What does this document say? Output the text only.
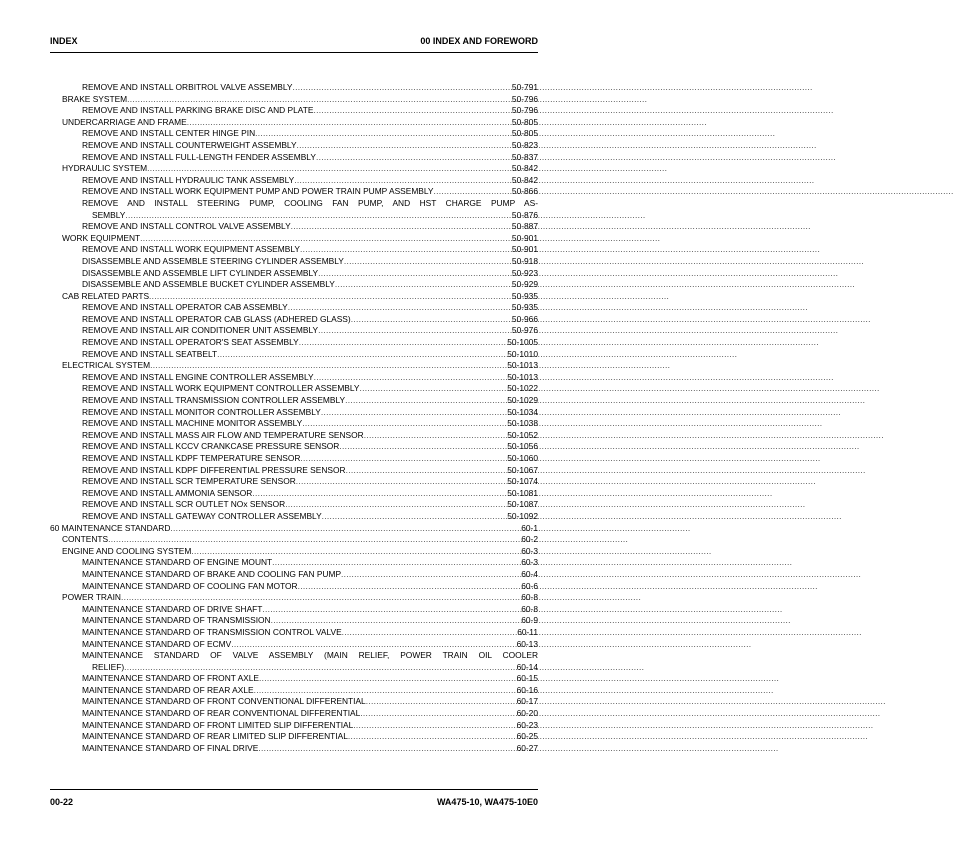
INDEX	00 INDEX AND FOREWORD
REMOVE AND INSTALL ORBITROL VALVE ASSEMBLY .....	50-791
BRAKE SYSTEM .....	50-796
REMOVE AND INSTALL PARKING BRAKE DISC AND PLATE .....	50-796
UNDERCARRIAGE AND FRAME .....	50-805
REMOVE AND INSTALL CENTER HINGE PIN .....	50-805
REMOVE AND INSTALL COUNTERWEIGHT ASSEMBLY .....	50-823
REMOVE AND INSTALL FULL-LENGTH FENDER ASSEMBLY .....	50-837
HYDRAULIC SYSTEM .....	50-842
REMOVE AND INSTALL HYDRAULIC TANK ASSEMBLY .....	50-842
REMOVE AND INSTALL WORK EQUIPMENT PUMP AND POWER TRAIN PUMP ASSEMBLY .....	50-866
REMOVE AND INSTALL STEERING PUMP, COOLING FAN PUMP, AND HST CHARGE PUMP AS-
SEMBLY .....	50-876
REMOVE AND INSTALL CONTROL VALVE ASSEMBLY .....	50-887
WORK EQUIPMENT .....	50-901
REMOVE AND INSTALL WORK EQUIPMENT ASSEMBLY .....	50-901
DISASSEMBLE AND ASSEMBLE STEERING CYLINDER ASSEMBLY .....	50-918
DISASSEMBLE AND ASSEMBLE LIFT CYLINDER ASSEMBLY .....	50-923
DISASSEMBLE AND ASSEMBLE BUCKET CYLINDER ASSEMBLY .....	50-929
CAB RELATED PARTS .....	50-935
REMOVE AND INSTALL OPERATOR CAB ASSEMBLY .....	50-935
REMOVE AND INSTALL OPERATOR CAB GLASS (ADHERED GLASS) .....	50-966
REMOVE AND INSTALL AIR CONDITIONER UNIT ASSEMBLY .....	50-976
REMOVE AND INSTALL OPERATOR'S SEAT ASSEMBLY .....	50-1005
REMOVE AND INSTALL SEATBELT .....	50-1010
ELECTRICAL SYSTEM .....	50-1013
REMOVE AND INSTALL ENGINE CONTROLLER ASSEMBLY .....	50-1013
REMOVE AND INSTALL WORK EQUIPMENT CONTROLLER ASSEMBLY .....	50-1022
REMOVE AND INSTALL TRANSMISSION CONTROLLER ASSEMBLY .....	50-1029
REMOVE AND INSTALL MONITOR CONTROLLER ASSEMBLY .....	50-1034
REMOVE AND INSTALL MACHINE MONITOR ASSEMBLY .....	50-1038
REMOVE AND INSTALL MASS AIR FLOW AND TEMPERATURE SENSOR .....	50-1052
REMOVE AND INSTALL KCCV CRANKCASE PRESSURE SENSOR .....	50-1056
REMOVE AND INSTALL KDPF TEMPERATURE SENSOR .....	50-1060
REMOVE AND INSTALL KDPF DIFFERENTIAL PRESSURE SENSOR .....	50-1067
REMOVE AND INSTALL SCR TEMPERATURE SENSOR .....	50-1074
REMOVE AND INSTALL AMMONIA SENSOR .....	50-1081
REMOVE AND INSTALL SCR OUTLET NOx SENSOR .....	50-1087
REMOVE AND INSTALL GATEWAY CONTROLLER ASSEMBLY .....	50-1092
60 MAINTENANCE STANDARD .....	60-1
CONTENTS .....	60-2
ENGINE AND COOLING SYSTEM .....	60-3
MAINTENANCE STANDARD OF ENGINE MOUNT .....	60-3
MAINTENANCE STANDARD OF BRAKE AND COOLING FAN PUMP .....	60-4
MAINTENANCE STANDARD OF COOLING FAN MOTOR .....	60-6
POWER TRAIN .....	60-8
MAINTENANCE STANDARD OF DRIVE SHAFT .....	60-8
MAINTENANCE STANDARD OF TRANSMISSION .....	60-9
MAINTENANCE STANDARD OF TRANSMISSION CONTROL VALVE .....	60-11
MAINTENANCE STANDARD OF ECMV .....	60-13
MAINTENANCE STANDARD OF VALVE ASSEMBLY (MAIN RELIEF, POWER TRAIN OIL COOLER
RELIEF) .....	60-14
MAINTENANCE STANDARD OF FRONT AXLE .....	60-15
MAINTENANCE STANDARD OF REAR AXLE .....	60-16
MAINTENANCE STANDARD OF FRONT CONVENTIONAL DIFFERENTIAL .....	60-17
MAINTENANCE STANDARD OF REAR CONVENTIONAL DIFFERENTIAL .....	60-20
MAINTENANCE STANDARD OF FRONT LIMITED SLIP DIFFERENTIAL .....	60-23
MAINTENANCE STANDARD OF REAR LIMITED SLIP DIFFERENTIAL .....	60-25
MAINTENANCE STANDARD OF FINAL DRIVE .....	60-27
00-22	WA475-10, WA475-10E0
